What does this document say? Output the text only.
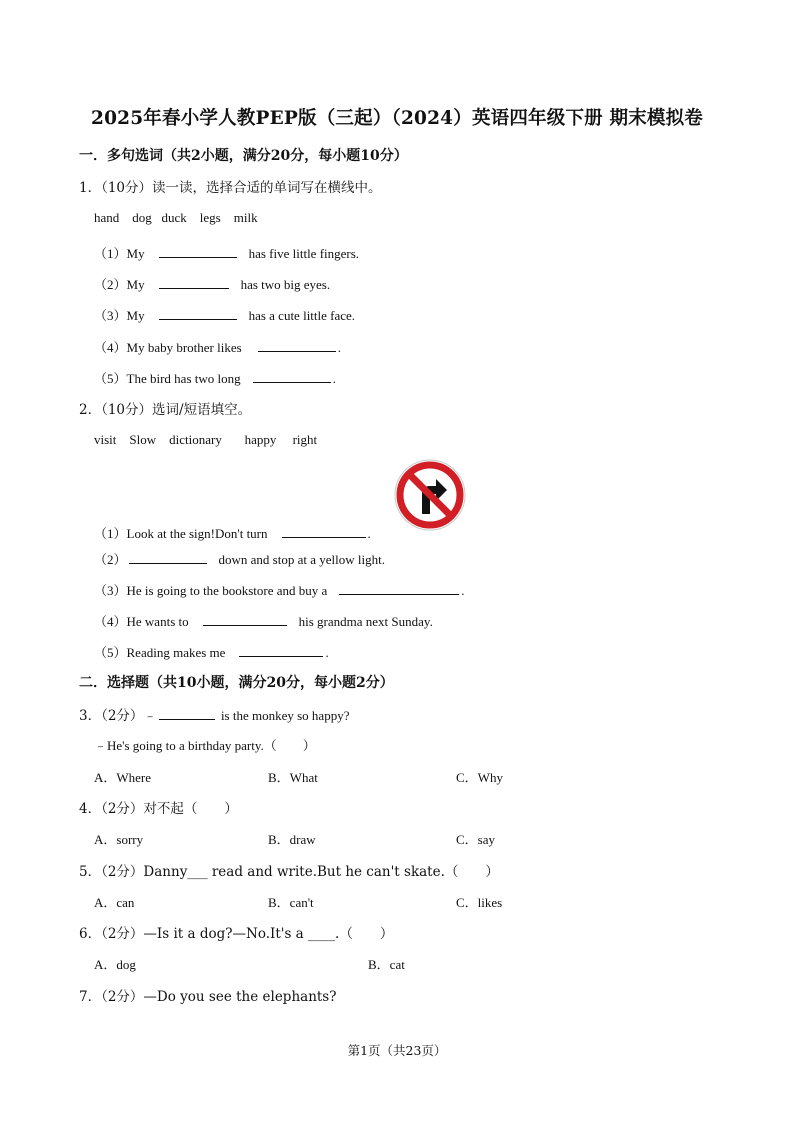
2025年春小学人教PEP版（三起）（2024）英语四年级下册 期末模拟卷
一．多句选词（共2小题，满分20分，每小题10分）
1．（10分）读一读，选择合适的单词写在横线中。
hand    dog   duck    legs    milk
（1）My	has five little fingers.
（2）My	has two big eyes.
（3）My	has a cute little face.
（4）My baby brother likes	.
（5）The bird has two long	.
2．（10分）选词/短语填空。
visit    Slow    dictionary       happy     right
（1）Look at the sign!Don't turn	.
（2）	down and stop at a yellow light.
（3）He is going to the bookstore and buy a	.
（4）He wants to	his grandma next Sunday.
（5）Reading makes me	.
二．选择题（共10小题，满分20分，每小题2分）
3．（2分）﹣	is the monkey so happy?
﹣He's going to a birthday party.（　　）
A．Where	B．What	C．Why
4．（2分）对不起（　　）
A．sorry	B．draw	C．say
5．（2分）Danny___ read and write.But he can't skate.（　　）
A．can	B．can't	C．likes
6．（2分）—Is it a dog?—No.It's a ____.（　　）
A．dog	B．cat
7．（2分）—Do you see the elephants?
第1页（共23页）
